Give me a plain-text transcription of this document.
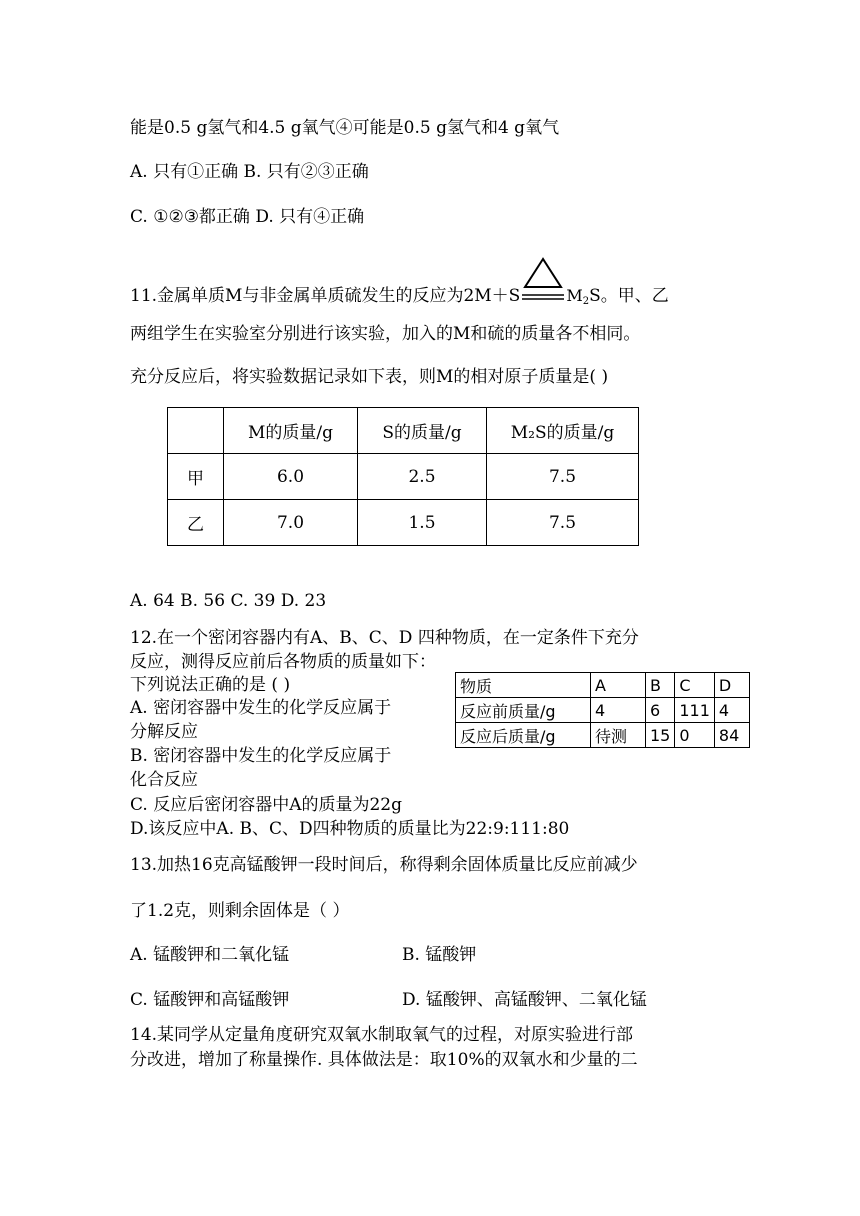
能是0.5 g氢气和4.5 g氧气④可能是0.5 g氢气和4 g氧气
A. 只有①正确 B. 只有②③正确
C. ①②③都正确 D. 只有④正确
11.金属单质M与非金属单质硫发生的反应为2M＋S	$M_2S$。甲、乙
两组学生在实验室分别进行该实验，加入的M和硫的质量各不相同。
充分反应后，将实验数据记录如下表，则M的相对原子质量是( )
	M的质量/g	S的质量/g	M₂S的质量/g
甲	6.0	2.5	7.5
乙	7.0	1.5	7.5
A. 64 B. 56 C. 39 D. 23
12.在一个密闭容器内有A、B、C、D 四种物质，在一定条件下充分
反应，测得反应前后各物质的质量如下：
下列说法正确的是 ( )
A. 密闭容器中发生的化学反应属于
分解反应
B. 密闭容器中发生的化学反应属于
化合反应
C. 反应后密闭容器中A的质量为22g
D.该反应中A. B、C、D四种物质的质量比为22:9:111:80
物质	A	B	C	D
反应前质量/g	4	6	111	4
反应后质量/g	待测	15	0	84
13.加热16克高锰酸钾一段时间后，称得剩余固体质量比反应前减少
了1.2克，则剩余固体是（ ）
A. 锰酸钾和二氧化锰	B. 锰酸钾
C. 锰酸钾和高锰酸钾	D. 锰酸钾、高锰酸钾、二氧化锰
14.某同学从定量角度研究双氧水制取氧气的过程，对原实验进行部
分改进，增加了称量操作. 具体做法是：取10%的双氧水和少量的二
